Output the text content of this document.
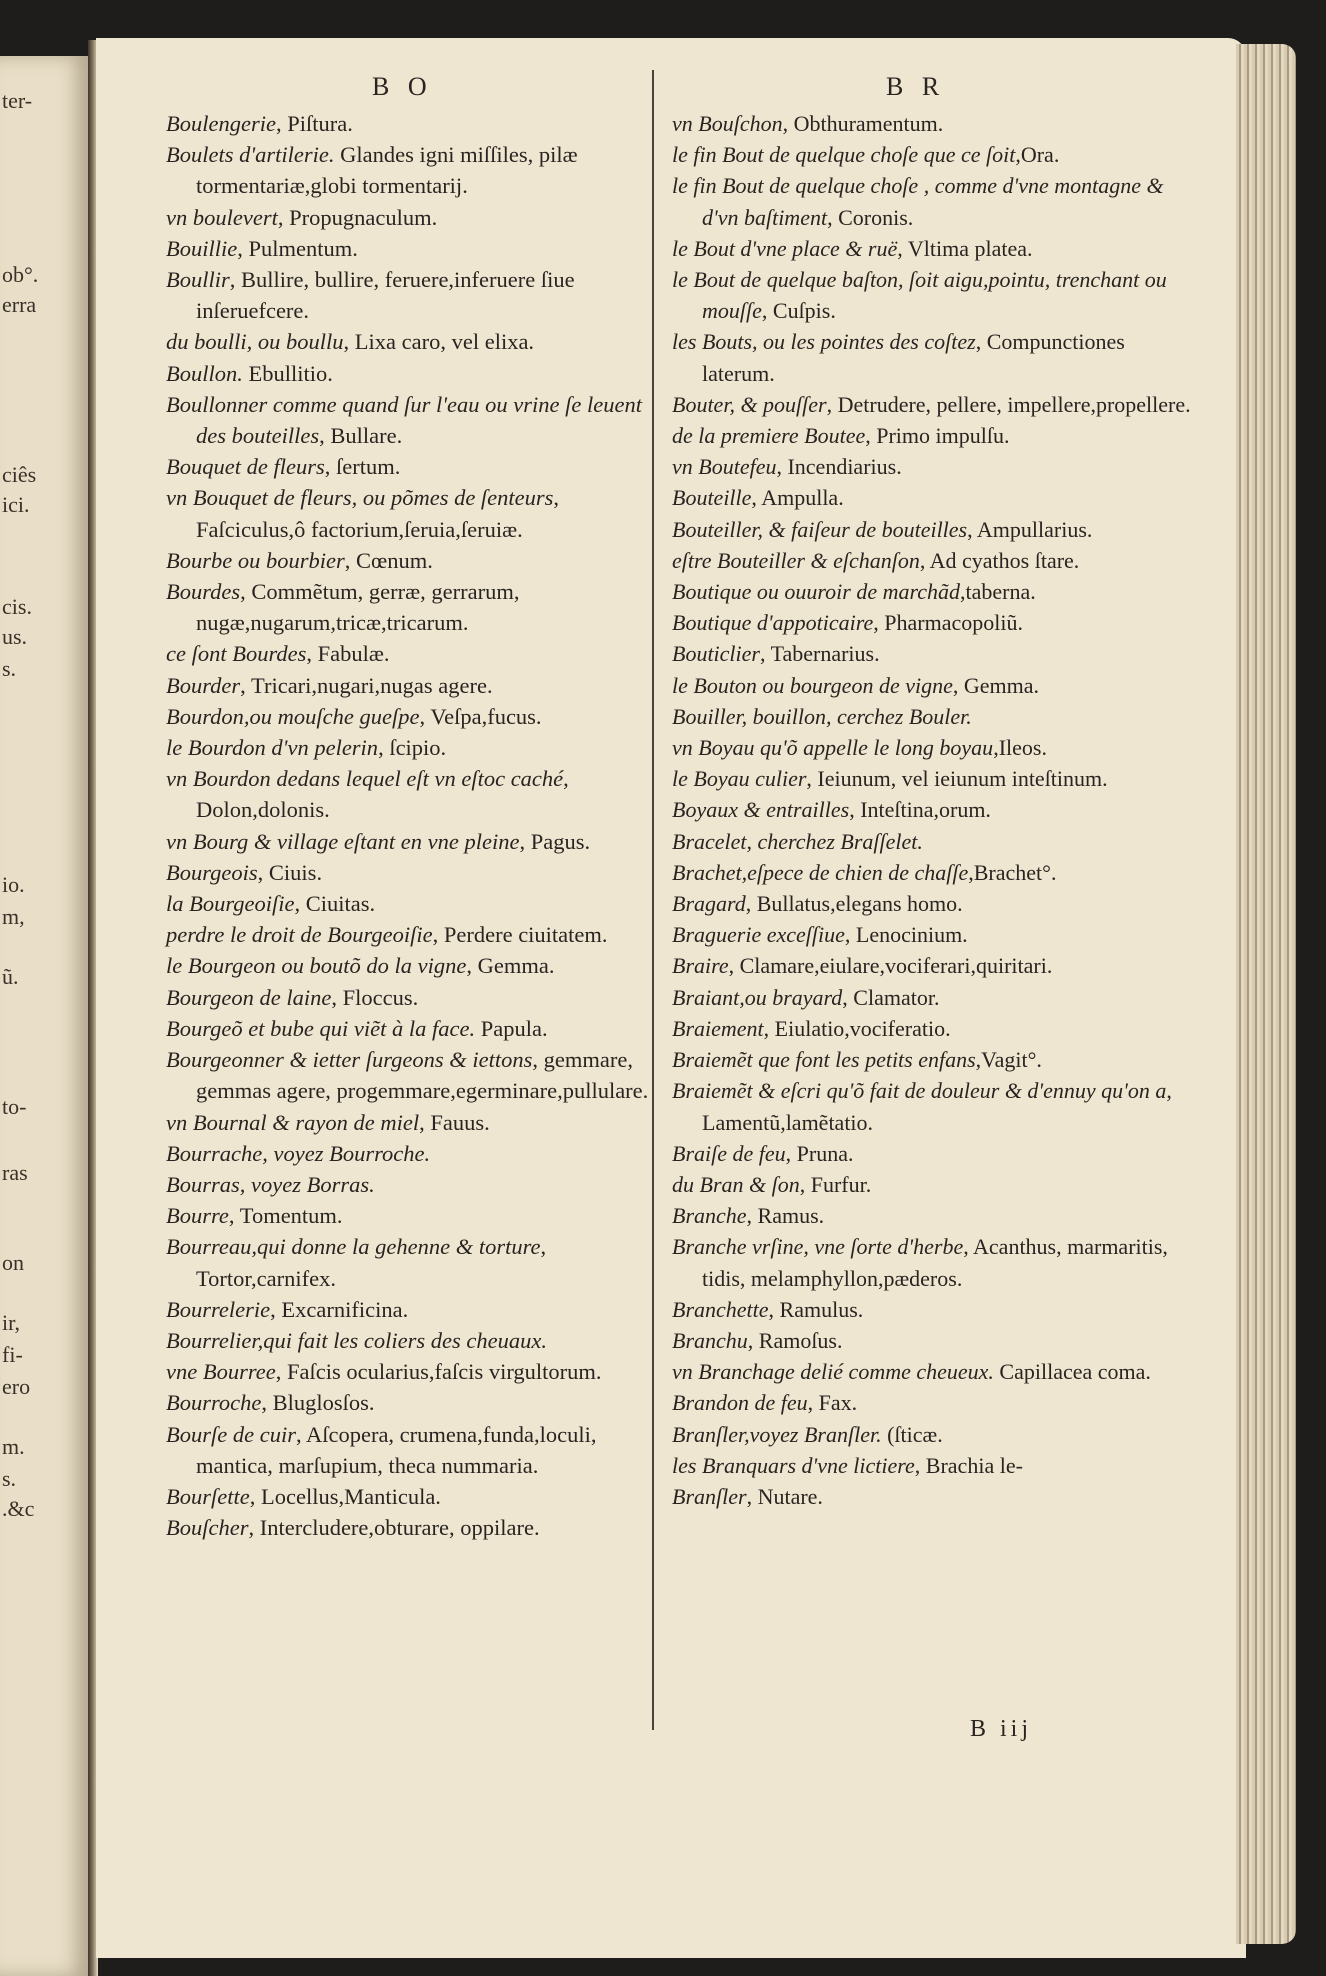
ter-
ob°.
erra
ciês
ici.
cis.
us.
s.
io.
m,
ũ.
to-
ras
on
ir,
fi-
ero
m.
s.
.&c
B O	B R
Boulengerie, Piſtura.
Boulets d'artilerie. Glandes igni miſſiles, pilæ tormentariæ,globi tormentarij.
vn boulevert, Propugnaculum.
Bouillie, Pulmentum.
Boullir, Bullire, bullire, feruere,inferuere ſiue inſeruefcere.
du boulli, ou boullu, Lixa caro, vel elixa.
Boullon. Ebullitio.
Boullonner comme quand ſur l'eau ou vrine ſe leuent des bouteilles, Bullare.
Bouquet de fleurs, ſertum.
vn Bouquet de fleurs, ou põmes de ſenteurs, Faſciculus,ô factorium,ſeruia,ſeruiæ.
Bourbe ou bourbier, Cœnum.
Bourdes, Commẽtum, gerræ, gerrarum, nugæ,nugarum,tricæ,tricarum.
ce ſont Bourdes, Fabulæ.
Bourder, Tricari,nugari,nugas agere.
Bourdon,ou mouſche gueſpe, Veſpa,fucus.
le Bourdon d'vn pelerin, ſcipio.
vn Bourdon dedans lequel eſt vn eſtoc caché, Dolon,dolonis.
vn Bourg & village eſtant en vne pleine, Pagus.
Bourgeois, Ciuis.
la Bourgeoiſie, Ciuitas.
perdre le droit de Bourgeoiſie, Perdere ciuitatem.
le Bourgeon ou boutõ do la vigne, Gemma.
Bourgeon de laine, Floccus.
Bourgeõ et bube qui viẽt à la face. Papula.
Bourgeonner & ietter ſurgeons & iettons, gemmare, gemmas agere, progemmare,egerminare,pullulare.
vn Bournal & rayon de miel, Fauus.
Bourrache, voyez Bourroche.
Bourras, voyez Borras.
Bourre, Tomentum.
Bourreau,qui donne la gehenne & torture, Tortor,carnifex.
Bourrelerie, Excarnificina.
Bourrelier,qui fait les coliers des cheuaux.
vne Bourree, Faſcis ocularius,faſcis virgultorum.
Bourroche, Bluglosſos.
Bourſe de cuir, Aſcopera, crumena,funda,loculi, mantica, marſupium, theca nummaria.
Bourſette, Locellus,Manticula.
Bouſcher, Intercludere,obturare, oppilare.
vn Bouſchon, Obthuramentum.
le fin Bout de quelque choſe que ce ſoit,Ora.
le fin Bout de quelque choſe , comme d'vne montagne & d'vn baſtiment, Coronis.
le Bout d'vne place & ruë, Vltima platea.
le Bout de quelque baſton, ſoit aigu,pointu, trenchant ou mouſſe, Cuſpis.
les Bouts, ou les pointes des coſtez, Compunctiones laterum.
Bouter, & pouſſer, Detrudere, pellere, impellere,propellere.
de la premiere Boutee, Primo impulſu.
vn Boutefeu, Incendiarius.
Bouteille, Ampulla.
Bouteiller, & faiſeur de bouteilles, Ampullarius.
eſtre Bouteiller & eſchanſon, Ad cyathos ſtare.
Boutique ou ouuroir de marchãd,taberna.
Boutique d'appoticaire, Pharmacopoliũ.
Bouticlier, Tabernarius.
le Bouton ou bourgeon de vigne, Gemma.
Bouiller, bouillon, cerchez Bouler.
vn Boyau qu'õ appelle le long boyau,Ileos.
le Boyau culier, Ieiunum, vel ieiunum inteſtinum.
Boyaux & entrailles, Inteſtina,orum.
Bracelet, cherchez Braſſelet.
Brachet,eſpece de chien de chaſſe,Brachet°.
Bragard, Bullatus,elegans homo.
Braguerie exceſſiue, Lenocinium.
Braire, Clamare,eiulare,vociferari,quiritari.
Braiant,ou brayard, Clamator.
Braiement, Eiulatio,vociferatio.
Braiemẽt que font les petits enfans,Vagit°.
Braiemẽt & eſcri qu'õ fait de douleur & d'ennuy qu'on a, Lamentũ,lamẽtatio.
Braiſe de feu, Pruna.
du Bran & ſon, Furfur.
Branche, Ramus.
Branche vrſine, vne ſorte d'herbe, Acanthus, marmaritis, tidis, melamphyllon,pæderos.
Branchette, Ramulus.
Branchu, Ramoſus.
vn Branchage delié comme cheueux. Capillacea coma.
Brandon de feu, Fax.
Branſler,voyez Branſler. (ſticæ.
les Branquars d'vne lictiere, Brachia le-
Branſler, Nutare.
B iij
